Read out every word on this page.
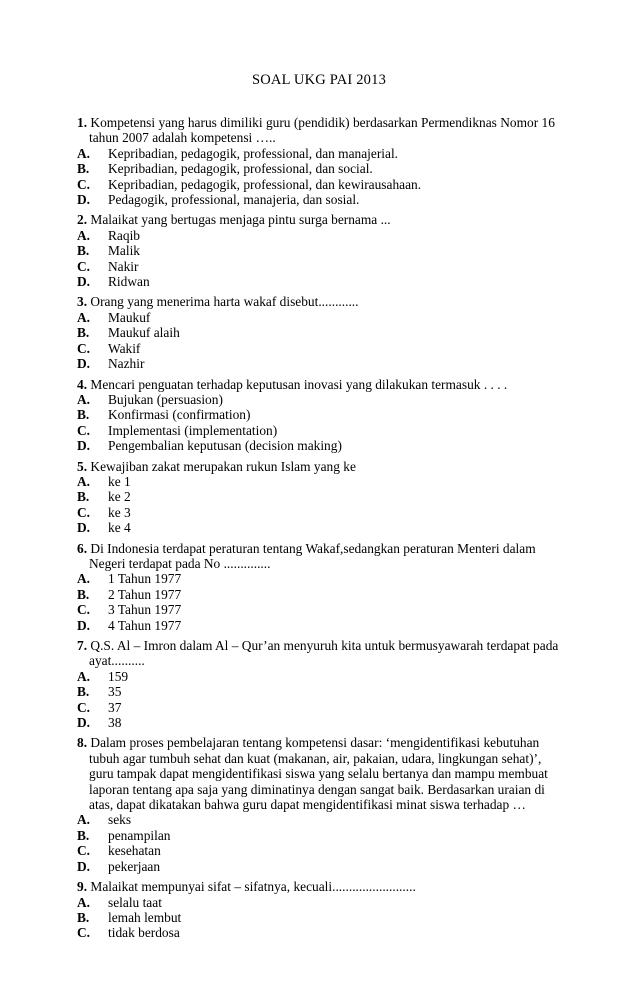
SOAL UKG PAI 2013

1. Kompetensi yang harus dimiliki guru (pendidik) berdasarkan Permendiknas Nomor 16 tahun 2007 adalah kompetensi …..

A.	Kepribadian, pedagogik, professional, dan manajerial.
B.	Kepribadian, pedagogik, professional, dan social.
C.	Kepribadian, pedagogik, professional, dan kewirausahaan.
D.	Pedagogik, professional, manajeria, dan sosial.

2. Malaikat yang bertugas menjaga pintu surga bernama ...

A.	Raqib
B.	Malik
C.	Nakir
D.	Ridwan

3. Orang yang menerima harta wakaf disebut............

A.	Maukuf
B.	Maukuf alaih
C.	Wakif
D.	Nazhir

4. Mencari penguatan terhadap keputusan inovasi yang dilakukan termasuk . . . .

A.	Bujukan (persuasion)
B.	Konfirmasi (confirmation)
C.	Implementasi (implementation)
D.	Pengembalian keputusan (decision making)

5. Kewajiban zakat merupakan rukun Islam yang ke

A.	ke 1
B.	ke 2
C.	ke 3
D.	ke 4

6. Di Indonesia terdapat peraturan tentang Wakaf,sedangkan peraturan Menteri dalam Negeri terdapat pada No ..............

A.	1 Tahun 1977
B.	2 Tahun 1977
C.	3 Tahun 1977
D.	4 Tahun 1977

7. Q.S. Al – Imron dalam Al – Qur’an menyuruh kita untuk bermusyawarah terdapat pada ayat..........

A.	159
B.	35
C.	37
D.	38

8. Dalam proses pembelajaran tentang kompetensi dasar: ‘mengidentifikasi kebutuhan tubuh agar tumbuh sehat dan kuat (makanan, air, pakaian, udara, lingkungan sehat)’, guru tampak dapat mengidentifikasi siswa yang selalu bertanya dan mampu membuat laporan tentang apa saja yang diminatinya dengan sangat baik. Berdasarkan uraian di atas, dapat dikatakan bahwa guru dapat mengidentifikasi minat siswa terhadap …

A.	seks
B.	penampilan
C.	kesehatan
D.	pekerjaan

9. Malaikat mempunyai sifat – sifatnya, kecuali.........................

A.	selalu taat
B.	lemah lembut
C.	tidak berdosa
